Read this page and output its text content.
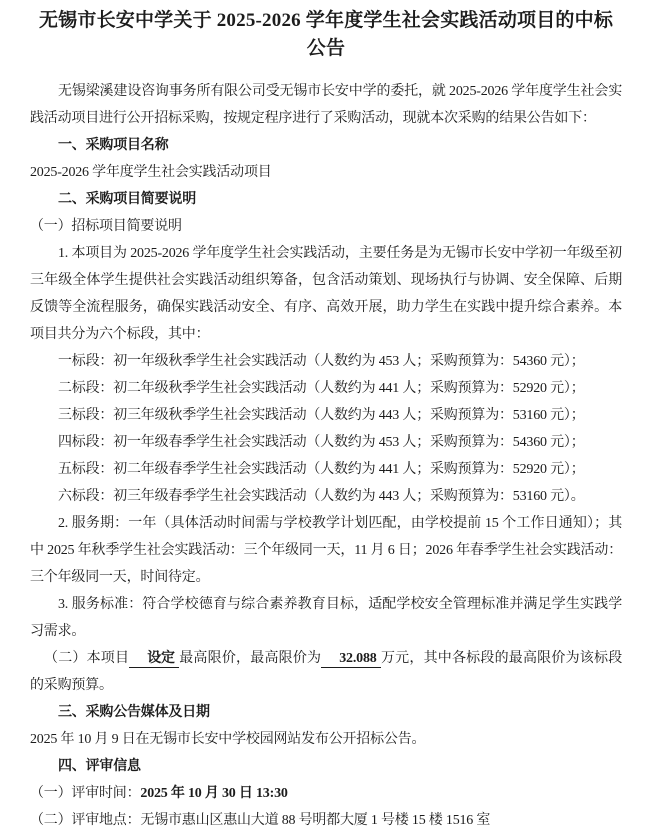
无锡市长安中学关于 2025-2026 学年度学生社会实践活动项目的中标公告

无锡梁溪建设咨询事务所有限公司受无锡市长安中学的委托，就 2025-2026 学年度学生社会实践活动项目进行公开招标采购，按规定程序进行了采购活动，现就本次采购的结果公告如下：

一、采购项目名称

2025-2026 学年度学生社会实践活动项目

二、采购项目简要说明

（一）招标项目简要说明

1. 本项目为 2025-2026 学年度学生社会实践活动，主要任务是为无锡市长安中学初一年级至初三年级全体学生提供社会实践活动组织筹备，包含活动策划、现场执行与协调、安全保障、后期反馈等全流程服务，确保实践活动安全、有序、高效开展，助力学生在实践中提升综合素养。本项目共分为六个标段，其中：

一标段：初一年级秋季学生社会实践活动（人数约为 453 人；采购预算为：54360 元）；

二标段：初二年级秋季学生社会实践活动（人数约为 441 人；采购预算为：52920 元）；

三标段：初三年级秋季学生社会实践活动（人数约为 443 人；采购预算为：53160 元）；

四标段：初一年级春季学生社会实践活动（人数约为 453 人；采购预算为：54360 元）；

五标段：初二年级春季学生社会实践活动（人数约为 441 人；采购预算为：52920 元）；

六标段：初三年级春季学生社会实践活动（人数约为 443 人；采购预算为：53160 元）。

2. 服务期：一年（具体活动时间需与学校教学计划匹配，由学校提前 15 个工作日通知）；其中 2025 年秋季学生社会实践活动：三个年级同一天，11 月 6 日；2026 年春季学生社会实践活动：三个年级同一天，时间待定。

3. 服务标准：符合学校德育与综合素养教育目标，适配学校安全管理标准并满足学生实践学习需求。

（二）本项目 设定 最高限价，最高限价为 32.088 万元，其中各标段的最高限价为该标段的采购预算。

三、采购公告媒体及日期

2025 年 10 月 9 日在无锡市长安中学校园网站发布公开招标公告。

四、评审信息

（一）评审时间：2025 年 10 月 30 日 13:30

（二）评审地点：无锡市惠山区惠山大道 88 号明都大厦 1 号楼 15 楼 1516 室
